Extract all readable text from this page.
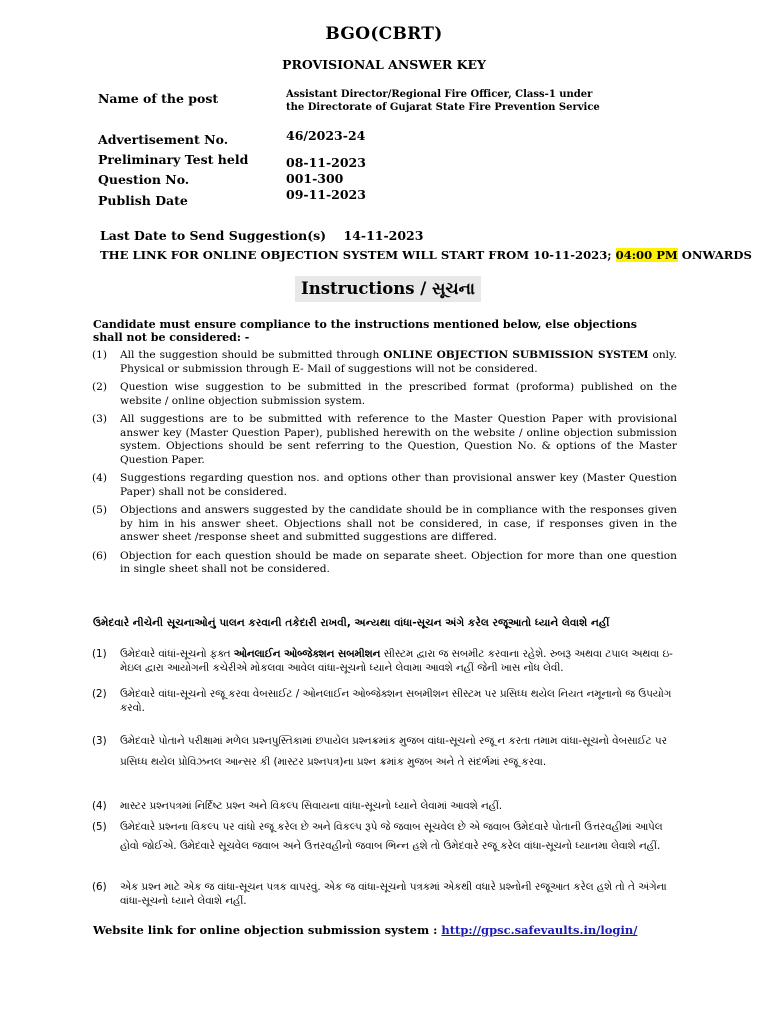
BGO(CBRT)
PROVISIONAL ANSWER KEY
Name of the post	Assistant Director/Regional Fire Officer, Class-1 under
the Directorate of Gujarat State Fire Prevention Service
Advertisement No.	46/2023-24
Preliminary Test held	08-11-2023
Question No.	001-300
Publish Date	09-11-2023
Last Date to Send Suggestion(s)    14-11-2023
THE LINK FOR ONLINE OBJECTION SYSTEM WILL START FROM 10-11-2023; 04:00 PM ONWARDS
Instructions / સૂચના
Candidate must ensure compliance to the instructions mentioned below, else objections
shall not be considered: -
(1)	All the suggestion should be submitted through ONLINE OBJECTION SUBMISSION SYSTEM only. Physical or submission through E- Mail of suggestions will not be considered.
(2)	Question wise suggestion to be submitted in the prescribed format (proforma) published on the website / online objection submission system.
(3)	All suggestions are to be submitted with reference to the Master Question Paper with provisional answer key (Master Question Paper), published herewith on the website / online objection submission system. Objections should be sent referring to the Question, Question No. & options of the Master Question Paper.
(4)	Suggestions regarding question nos. and options other than provisional answer key (Master Question Paper) shall not be considered.
(5)	Objections and answers suggested by the candidate should be in compliance with the responses given by him in his answer sheet. Objections shall not be considered, in case, if responses given in the answer sheet /response sheet and submitted suggestions are differed.
(6)	Objection for each question should be made on separate sheet. Objection for more than one question in single sheet shall not be considered.
ઉમેદવારે નીચેની સૂચનાઓનું પાલન કરવાની તકેદારી રાખવી, અન્યથા વાંધા-સૂચન અંગે કરેલ રજૂઆતો ધ્યાને લેવાશે નહીં
(1)	ઉમેદવારે વાંધાં-સૂચનો ફક્ત ઓનલાઈન ઓબ્જેક્શન સબમીશન સીસ્ટમ દ્વારા જ સબમીટ કરવાના રહેશે. રુબરૂ અથવા ટપાલ અથવા ઇ- મેઇલ દ્વારા આયોગની કચેરીએ મોકલવા આવેલ વાંધા-સૂચનો ધ્યાને લેવામા આવશે નહીં જેની ખાસ નોંધ લેવી.
(2)	ઉમેદવારે વાંધા-સૂચનો રજૂ કરવા વેબસાઈટ / ઓનલાઈન ઓબ્જેક્શન સબમીશન સીસ્ટમ પર પ્રસિધ્ધ થયેલ નિયત નમૂનાનો જ ઉપયોગ કરવો.
(3)	ઉમેદવારે પોતાને પરીક્ષામાં મળેલ પ્રશ્નપુસ્તિકામાં છપાયેલ પ્રશ્નક્રમાંક મુજબ વાંધા-સૂચનો રજૂ ન કરતા તમામ વાંધા-સૂચનો વેબસાઈટ પર પ્રસિધ્ધ થયેલ પ્રોવિઝનલ આન્સર કી (માસ્ટર પ્રશ્નપત્ર)ના પ્રશ્ન ક્રમાંક મુજબ અને તે સંદર્ભમાં રજૂ કરવા.
(4)	માસ્ટર પ્રશ્નપત્રમાં નિર્દિષ્ટ પ્રશ્ન અને વિકલ્પ સિવાયના વાંધા-સૂચનો ધ્યાને લેવામાં આવશે નહીં.
(5)	ઉમેદવારે પ્રશ્નના વિકલ્પ પર વાંધો રજૂ કરેલ છે અને વિકલ્પ રૂપે જે જવાબ સૂચવેલ છે એ જવાબ ઉમેદવારે પોતાની ઉત્તરવહીમાં આપેલ હોવો જોઈએ. ઉમેદવારે સૂચવેલ જવાબ અને ઉત્તરવહીનો જવાબ ભિન્ન હશે તો ઉમેદવારે રજૂ કરેલ વાંધા-સૂચનો ધ્યાનમા લેવાશે નહીં.
(6)	એક પ્રશ્ન માટે એક જ વાંધા-સૂચન પત્રક વાપરવું. એક જ વાંધા-સૂચનો પત્રકમાં એકથી વધારે પ્રશ્નોની રજૂઆત કરેલ હશે તો તે અંગેના વાંધા-સૂચનો ધ્યાને લેવાશે નહીં.
Website link for online objection submission system : http://gpsc.safevaults.in/login/
